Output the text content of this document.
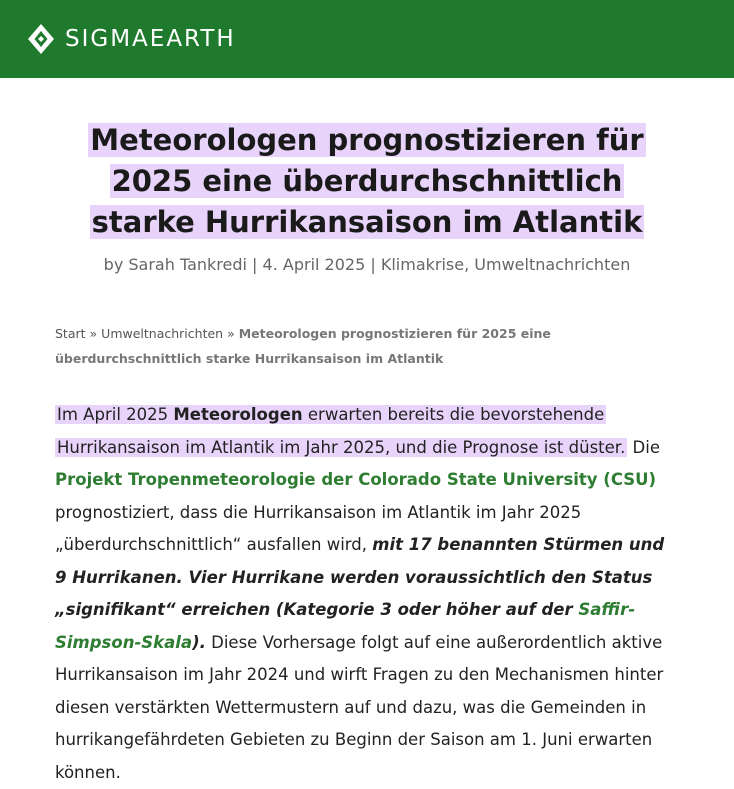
SIGMAEARTH
Meteorologen prognostizieren für 2025 eine überdurchschnittlich starke Hurrikansaison im Atlantik
by Sarah Tankredi | 4. April 2025 | Klimakrise, Umweltnachrichten
Start » Umweltnachrichten » Meteorologen prognostizieren für 2025 eine überdurchschnittlich starke Hurrikansaison im Atlantik

Im April 2025 Meteorologen erwarten bereits die bevorstehende Hurrikansaison im Atlantik im Jahr 2025, und die Prognose ist düster. Die Projekt Tropenmeteorologie der Colorado State University (CSU) prognostiziert, dass die Hurrikansaison im Atlantik im Jahr 2025 „überdurchschnittlich“ ausfallen wird, mit 17 benannten Stürmen und 9 Hurrikanen. Vier Hurrikane werden voraussichtlich den Status „signifikant“ erreichen (Kategorie 3 oder höher auf der Saffir-Simpson-Skala). Diese Vorhersage folgt auf eine außerordentlich aktive Hurrikansaison im Jahr 2024 und wirft Fragen zu den Mechanismen hinter diesen verstärkten Wettermustern auf und dazu, was die Gemeinden in hurrikangefährdeten Gebieten zu Beginn der Saison am 1. Juni erwarten können.
